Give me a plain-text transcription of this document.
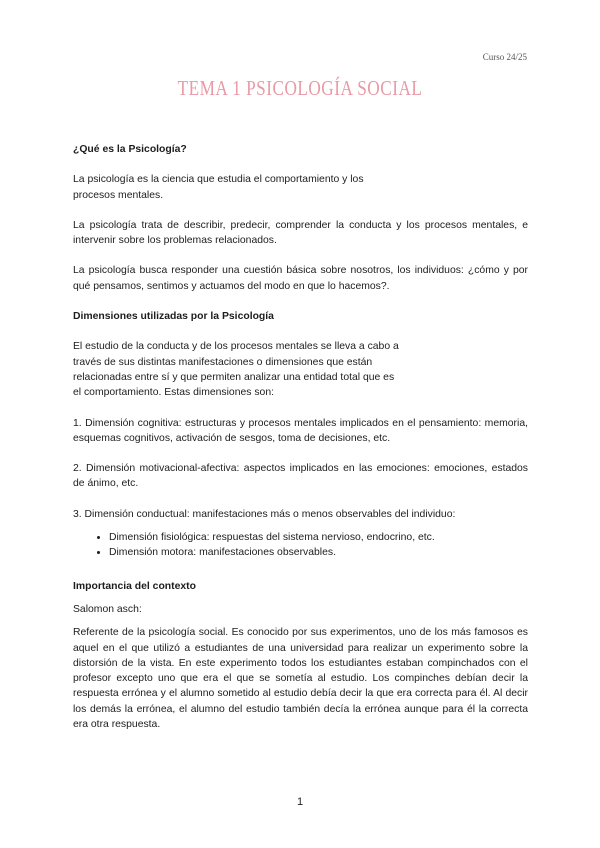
Curso 24/25
TEMA 1 PSICOLOGÍA SOCIAL

¿Qué es la Psicología?

La psicología es la ciencia que estudia el comportamiento y los

procesos mentales.

La psicología trata de describir, predecir, comprender la conducta y los procesos mentales, e intervenir sobre los problemas relacionados.

La psicología busca responder una cuestión básica sobre nosotros, los individuos: ¿cómo y por qué pensamos, sentimos y actuamos del modo en que lo hacemos?.

Dimensiones utilizadas por la Psicología

El estudio de la conducta y de los procesos mentales se lleva a cabo a

través de sus distintas manifestaciones o dimensiones que están

relacionadas entre sí y que permiten analizar una entidad total que es

el comportamiento. Estas dimensiones son:

1. Dimensión cognitiva: estructuras y procesos mentales implicados en el pensamiento: memoria, esquemas cognitivos, activación de sesgos, toma de decisiones, etc.

2. Dimensión motivacional-afectiva: aspectos implicados en las emociones: emociones, estados de ánimo, etc.

3. Dimensión conductual: manifestaciones más o menos observables del individuo:

• Dimensión fisiológica: respuestas del sistema nervioso, endocrino, etc.
• Dimensión motora: manifestaciones observables.

Importancia del contexto

Salomon asch:

Referente de la psicología social. Es conocido por sus experimentos, uno de los más famosos es aquel en el que utilizó a estudiantes de una universidad para realizar un experimento sobre la distorsión de la vista. En este experimento todos los estudiantes estaban compinchados con el profesor excepto uno que era el que se sometía al estudio. Los compinches debían decir la respuesta errónea y el alumno sometido al estudio debía decir la que era correcta para él. Al decir los demás la errónea, el alumno del estudio también decía la errónea aunque para él la correcta era otra respuesta.

1
